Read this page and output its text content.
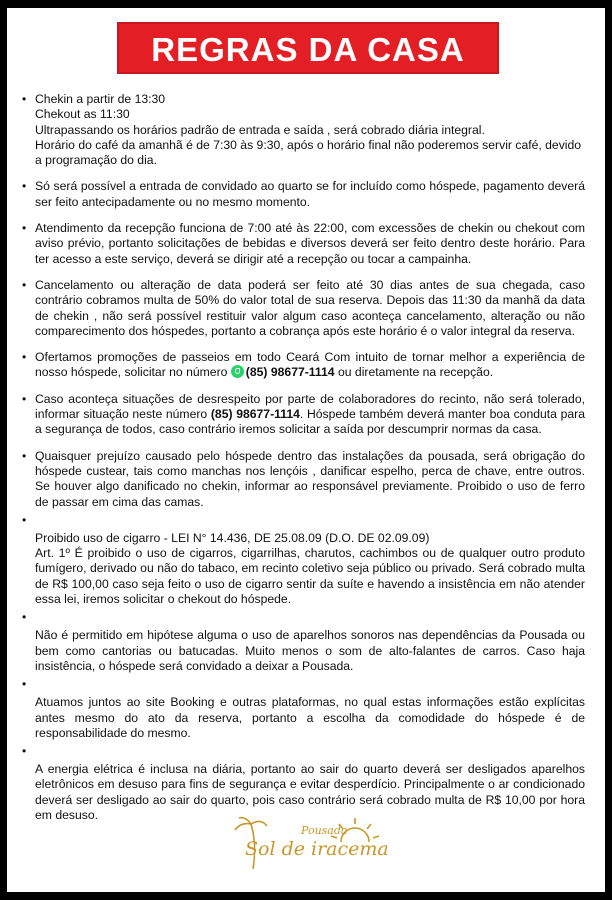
REGRAS DA CASA
• Chekin a partir de 13:30
Chekout as 11:30
Ultrapassando os horários padrão de entrada e saída , será cobrado diária integral.
Horário do café da amanhã é de 7:30 às 9:30, após o horário final não poderemos servir café, devido a programação do dia.
• Só será possível a entrada de convidado ao quarto se for incluído como hóspede, pagamento deverá ser feito antecipadamente ou no mesmo momento.
• Atendimento da recepção funciona de 7:00 até às 22:00, com excessões de chekin ou chekout com aviso prévio, portanto solicitações de bebidas e diversos deverá ser feito dentro deste horário. Para ter acesso a este serviço, deverá se dirigir até a recepção ou tocar a campainha.
• Cancelamento ou alteração de data poderá ser feito até 30 dias antes de sua chegada, caso contrário cobramos multa de 50% do valor total de sua reserva. Depois das 11:30 da manhã da data de chekin , não será possível restituir valor algum caso aconteça cancelamento, alteração ou não comparecimento dos hóspedes, portanto a cobrança após este horário é o valor integral da reserva.
• Ofertamos promoções de passeios em todo Ceará Com intuito de tornar melhor a experiência de nosso hóspede, solicitar no número (85) 98677-1114 ou diretamente na recepção.
• Caso aconteça situações de desrespeito por parte de colaboradores do recinto, não será tolerado, informar situação neste número (85) 98677-1114. Hóspede também deverá manter boa conduta para a segurança de todos, caso contrário iremos solicitar a saída por descumprir normas da casa.
• Quaisquer prejuízo causado pelo hóspede dentro das instalações da pousada, será obrigação do hóspede custear, tais como manchas nos lençóis , danificar espelho, perca de chave, entre outros. Se houver algo danificado no chekin, informar ao responsável previamente. Proibido o uso de ferro de passar em cima das camas.
•
Proibido uso de cigarro - LEI N° 14.436, DE 25.08.09 (D.O. DE 02.09.09)
Art. 1º É proibido o uso de cigarros, cigarrilhas, charutos, cachimbos ou de qualquer outro produto fumígero, derivado ou não do tabaco, em recinto coletivo seja público ou privado. Será cobrado multa de R$ 100,00 caso seja feito o uso de cigarro sentir da suíte e havendo a insistência em não atender essa lei, iremos solicitar o chekout do hóspede.
•
Não é permitido em hipótese alguma o uso de aparelhos sonoros nas dependências da Pousada ou bem como cantorias ou batucadas. Muito menos o som de alto-falantes de carros. Caso haja insistência, o hóspede será convidado a deixar a Pousada.
•
Atuamos juntos ao site Booking e outras plataformas, no qual estas informações estão explícitas antes mesmo do ato da reserva, portanto a escolha da comodidade do hóspede é de responsabilidade do mesmo.
•
A energia elétrica é inclusa na diária, portanto ao sair do quarto deverá ser desligados aparelhos eletrônicos em desuso para fins de segurança e evitar desperdício. Principalmente o ar condicionado deverá ser desligado ao sair do quarto, pois caso contrário será cobrado multa de R$ 10,00 por hora em desuso.
Pousada
Sol de iracema
